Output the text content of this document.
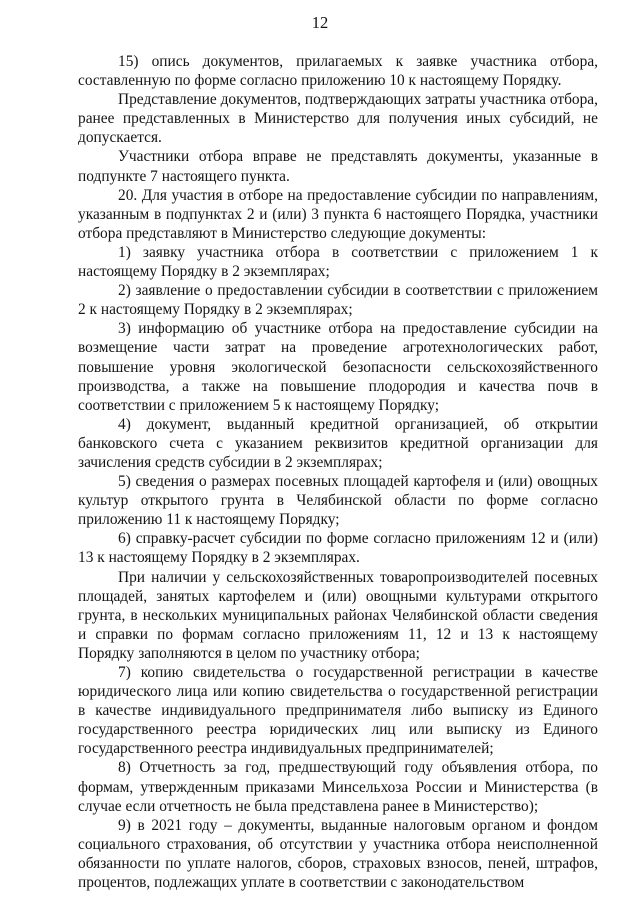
12

15) опись документов, прилагаемых к заявке участника отбора, составленную по форме согласно приложению 10 к настоящему Порядку.

Представление документов, подтверждающих затраты участника отбора, ранее представленных в Министерство для получения иных субсидий, не допускается.

Участники отбора вправе не представлять документы, указанные в подпункте 7 настоящего пункта.

20. Для участия в отборе на предоставление субсидии по направлениям, указанным в подпунктах 2 и (или) 3 пункта 6 настоящего Порядка, участники отбора представляют в Министерство следующие документы:

1) заявку участника отбора в соответствии с приложением 1 к настоящему Порядку в 2 экземплярах;

2) заявление о предоставлении субсидии в соответствии с приложением 2 к настоящему Порядку в 2 экземплярах;

3) информацию об участнике отбора на предоставление субсидии на возмещение части затрат на проведение агротехнологических работ, повышение уровня экологической безопасности сельскохозяйственного производства, а также на повышение плодородия и качества почв в соответствии с приложением 5 к настоящему Порядку;

4) документ, выданный кредитной организацией, об открытии банковского счета с указанием реквизитов кредитной организации для зачисления средств субсидии в 2 экземплярах;

5) сведения о размерах посевных площадей картофеля и (или) овощных культур открытого грунта в Челябинской области по форме согласно приложению 11 к настоящему Порядку;

6) справку-расчет субсидии по форме согласно приложениям 12 и (или) 13 к настоящему Порядку в 2 экземплярах.

При наличии у сельскохозяйственных товаропроизводителей посевных площадей, занятых картофелем и (или) овощными культурами открытого грунта, в нескольких муниципальных районах Челябинской области сведения и справки по формам согласно приложениям 11, 12 и 13 к настоящему Порядку заполняются в целом по участнику отбора;

7) копию свидетельства о государственной регистрации в качестве юридического лица или копию свидетельства о государственной регистрации в качестве индивидуального предпринимателя либо выписку из Единого государственного реестра юридических лиц или выписку из Единого государственного реестра индивидуальных предпринимателей;

8) Отчетность за год, предшествующий году объявления отбора, по формам, утвержденным приказами Минсельхоза России и Министерства (в случае если отчетность не была представлена ранее в Министерство);

9) в 2021 году – документы, выданные налоговым органом и фондом социального страхования, об отсутствии у участника отбора неисполненной обязанности по уплате налогов, сборов, страховых взносов, пеней, штрафов, процентов, подлежащих уплате в соответствии с законодательством
